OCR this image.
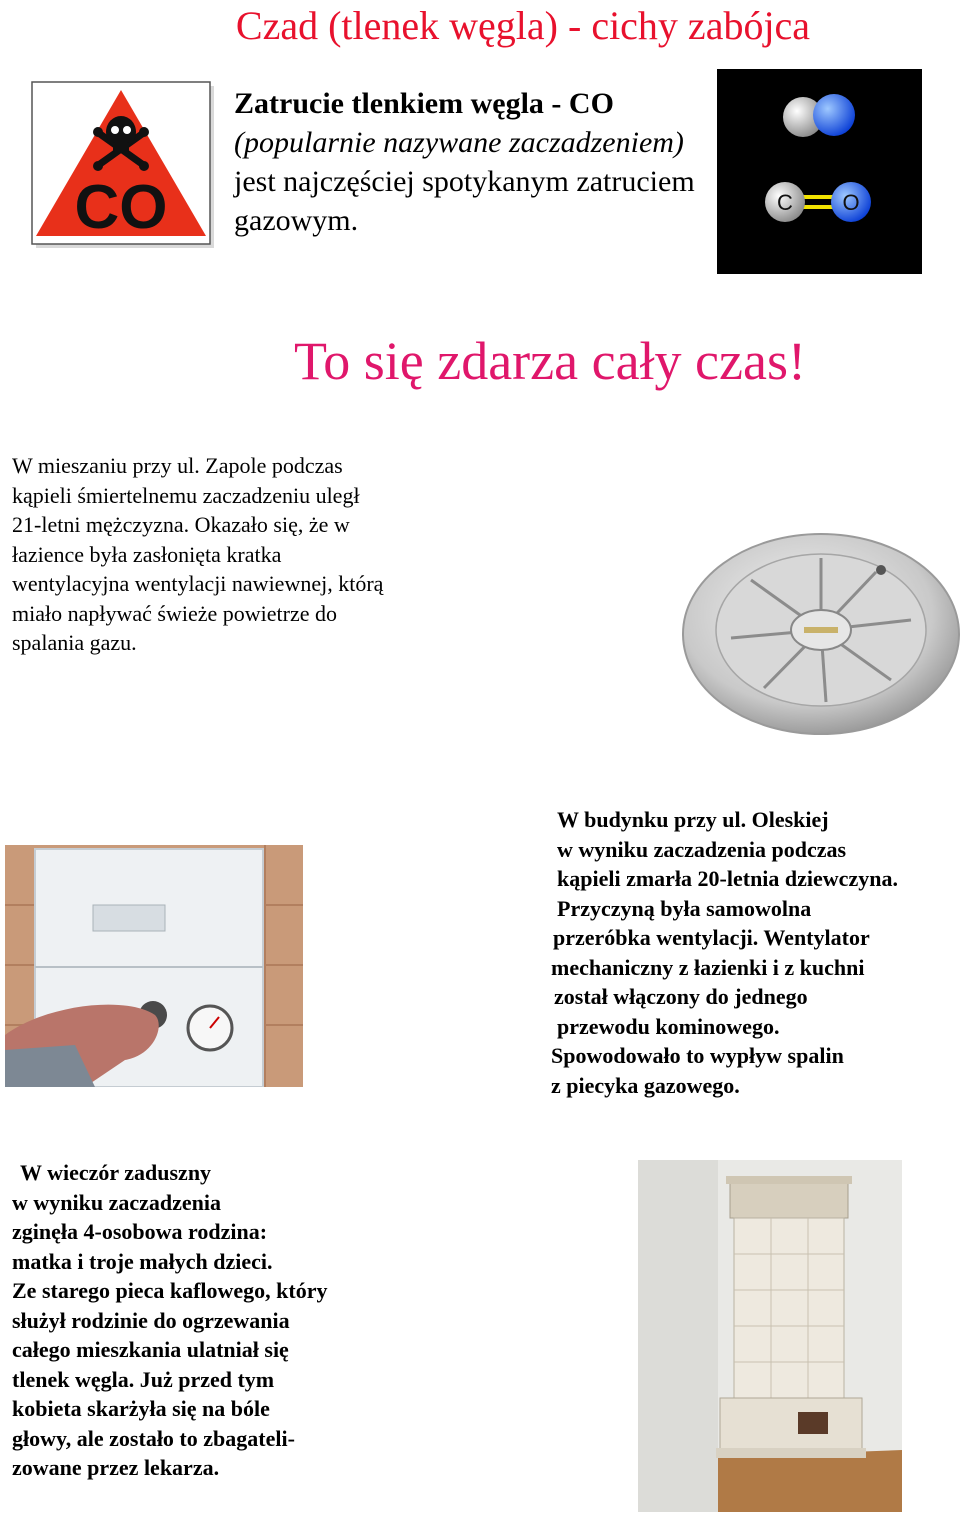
Czad (tlenek węgla) - cichy zabójca
CO
Zatrucie tlenkiem węgla - CO
(popularnie nazywane zaczadzeniem) jest najczęściej spotykanym zatruciem gazowym.
C O
To się zdarza cały czas!
W mieszaniu przy ul. Zapole podczas kąpieli śmiertelnemu zaczadzeniu uległ 21-letni mężczyzna. Okazało się, że w łazience była zasłonięta kratka wentylacyjna wentylacji nawiewnej, którą miało napływać świeże powietrze do spalania gazu.
W budynku przy ul. Oleskiej
w wyniku zaczadzenia podczas
kąpieli zmarła 20-letnia dziewczyna.
Przyczyną była samowolna
przeróbka wentylacji. Wentylator
mechaniczny z łazienki i z kuchni
został włączony do jednego
przewodu kominowego.
Spowodowało to wypływ spalin
z piecyka gazowego.
W wieczór zaduszny
w wyniku zaczadzenia
zginęła 4-osobowa rodzina:
matka i troje małych dzieci.
Ze starego pieca kaflowego, który
służył rodzinie do ogrzewania
całego mieszkania ulatniał się
tlenek węgla. Już przed tym
kobieta skarżyła się na bóle
głowy, ale zostało to zbagateli-
zowane przez lekarza.
